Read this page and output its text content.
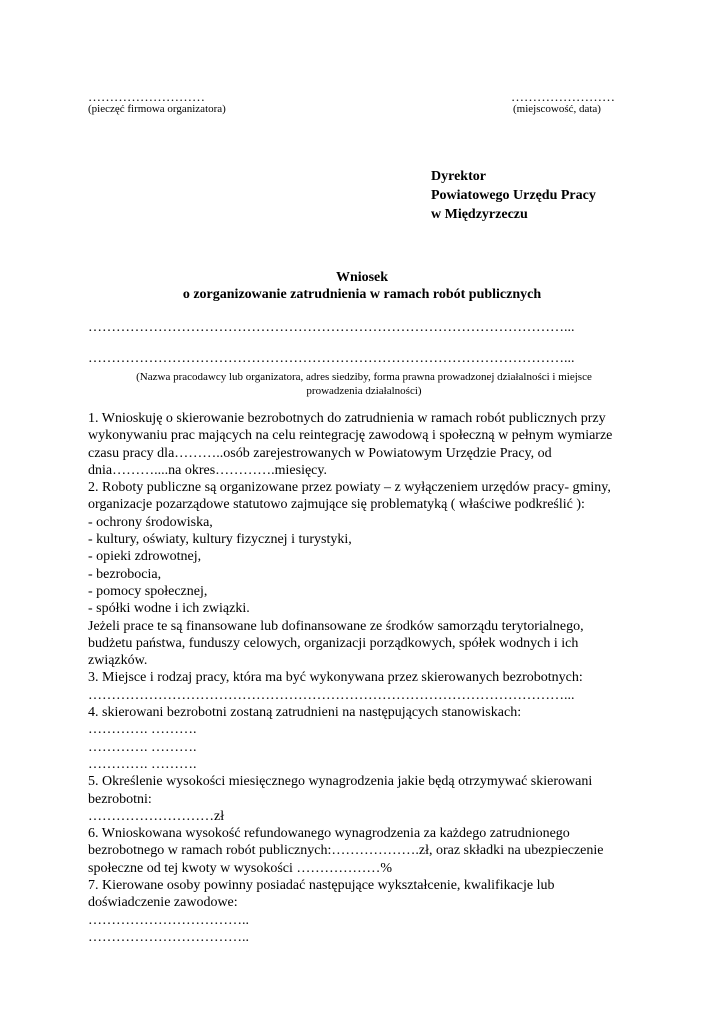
………………………
(pieczęć firmowa organizatora)
……………………
(miejscowość, data)
Dyrektor
Powiatowego Urzędu Pracy
w Międzyrzeczu
Wniosek
o zorganizowanie zatrudnienia w ramach robót publicznych
…………………………………………………………………………………………...
…………………………………………………………………………………………...
(Nazwa pracodawcy lub organizatora, adres siedziby, forma prawna prowadzonej działalności i miejsce
prowadzenia działalności)

1. Wnioskuję o skierowanie bezrobotnych do zatrudnienia w ramach robót publicznych przy

wykonywaniu prac mających na celu reintegrację zawodową i społeczną w pełnym wymiarze

czasu pracy dla………..osób zarejestrowanych w Powiatowym Urzędzie Pracy, od

dnia………....na okres………….miesięcy.

2. Roboty publiczne są organizowane przez powiaty – z wyłączeniem urzędów pracy- gminy,

organizacje pozarządowe statutowo zajmujące się problematyką ( właściwe podkreślić ):

- ochrony środowiska,

- kultury, oświaty, kultury fizycznej i turystyki,

- opieki zdrowotnej,

- bezrobocia,

- pomocy społecznej,

- spółki wodne i ich związki.

Jeżeli prace te są finansowane lub dofinansowane ze środków samorządu terytorialnego,

budżetu państwa, funduszy celowych, organizacji porządkowych, spółek wodnych i ich

związków.

3. Miejsce i rodzaj pracy, która ma być wykonywana przez skierowanych bezrobotnych:

…………………………………………………………………………………………...

4. skierowani bezrobotni zostaną zatrudnieni na następujących stanowiskach:

…………. ……….

…………. ……….

…………. ……….

5. Określenie wysokości miesięcznego wynagrodzenia jakie będą otrzymywać skierowani

bezrobotni:

………………………zł

6. Wnioskowana wysokość refundowanego wynagrodzenia za każdego zatrudnionego

bezrobotnego w ramach robót publicznych:……………….zł, oraz składki na ubezpieczenie

społeczne od tej kwoty w wysokości ………………%

7. Kierowane osoby powinny posiadać następujące wykształcenie, kwalifikacje lub

doświadczenie zawodowe:

……………………………..

……………………………..
